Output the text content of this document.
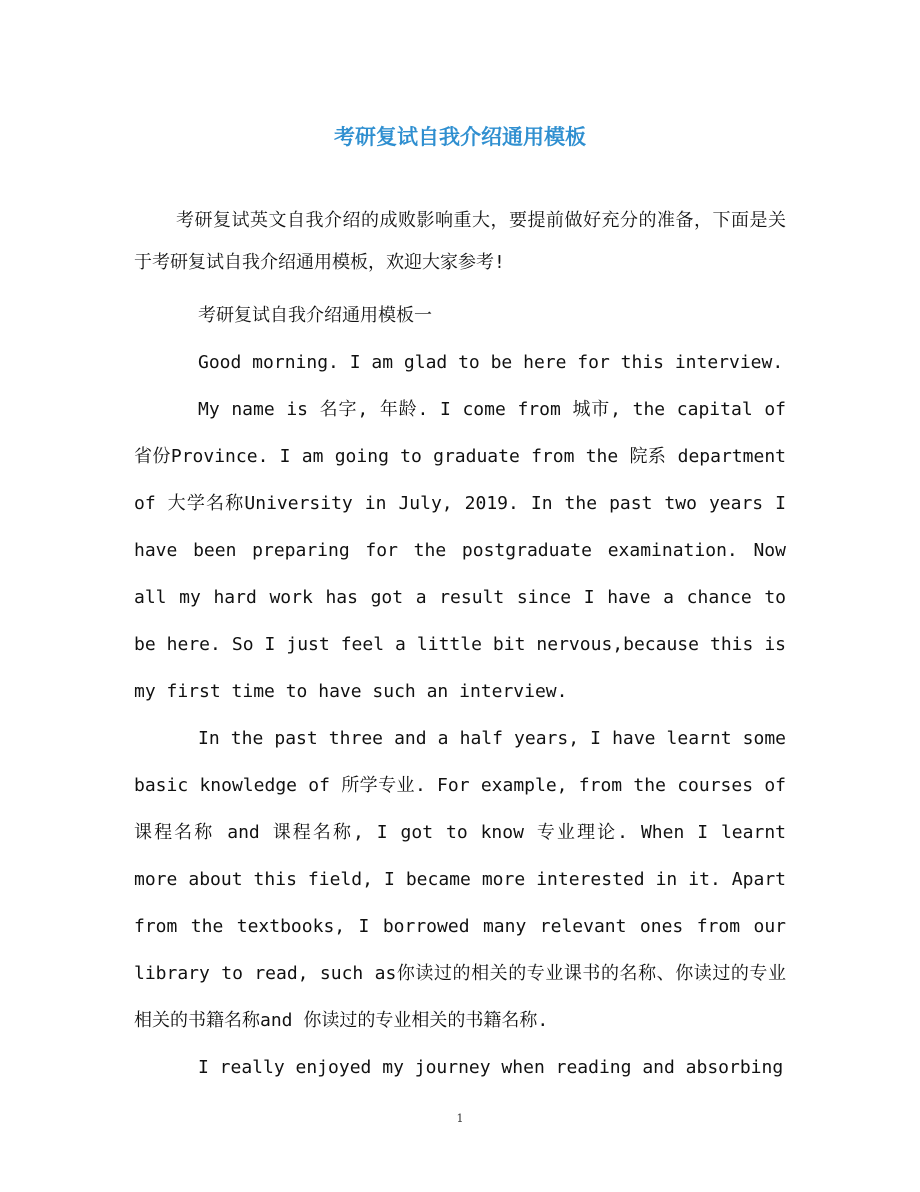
考研复试自我介绍通用模板

考研复试英文自我介绍的成败影响重大，要提前做好充分的准备，下面是关于考研复试自我介绍通用模板，欢迎大家参考!

考研复试自我介绍通用模板一

Good morning. I am glad to be here for this interview.

My name is 名字, 年龄. I come from 城市, the capital of 省份Province. I am going to graduate from the 院系 department of 大学名称University in July, 2019. In the past two years I have been preparing for the postgraduate examination. Now all my hard work has got a result since I have a chance to be here. So I just feel a little bit nervous,because this is my first time to have such an interview.

In the past three and a half years, I have learnt some basic knowledge of 所学专业. For example, from the courses of 课程名称 and 课程名称, I got to know 专业理论. When I learnt more about this field, I became more interested in it. Apart from the textbooks, I borrowed many relevant ones from our library to read, such as你读过的相关的专业课书的名称、你读过的专业相关的书籍名称and 你读过的专业相关的书籍名称.

I really enjoyed my journey when reading and absorbing

1
